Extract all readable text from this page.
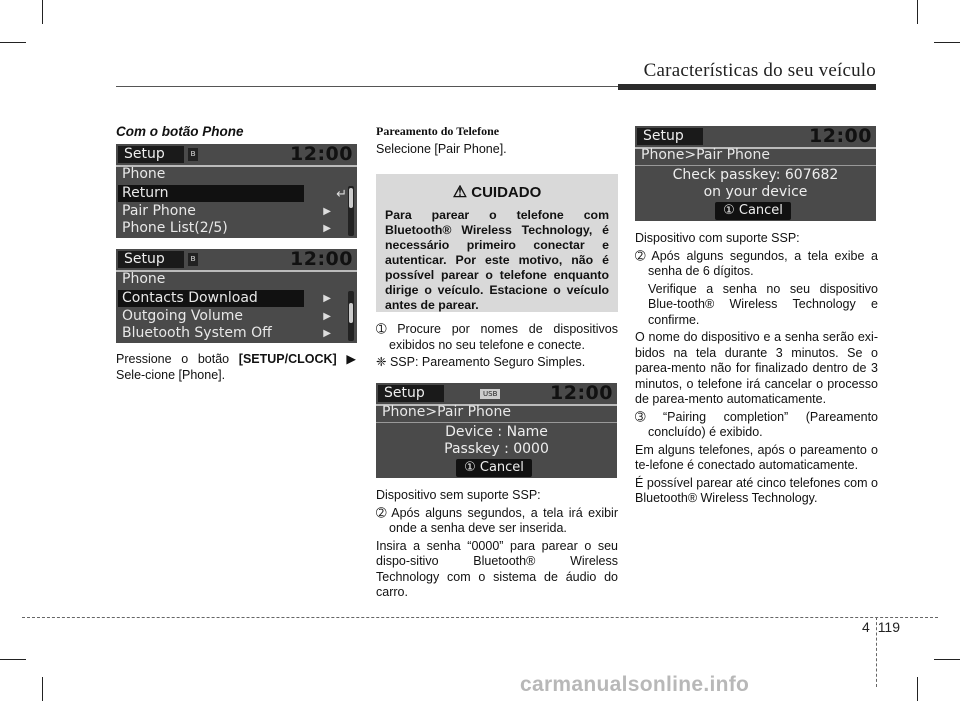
Características do seu veículo
Com o botão Phone
Setup	ʙ	12:00
Phone
Return	↵
Pair Phone	▶
Phone List(2/5)	▶
Setup	ʙ	12:00
Phone
Contacts Download	▶
Outgoing Volume	▶
Bluetooth System Off	▶

Pressione o botão [SETUP/CLOCK] ▶ Sele-cione [Phone].

Pareamento do Telefone

Selecione [Pair Phone].

⚠ CUIDADO

Para parear o telefone com Bluetooth® Wireless Technology, é necessário primeiro conectar e autenticar. Por este motivo, não é possível parear o telefone enquanto dirige o veículo. Estacione o veículo antes de parear.

➀ Procure por nomes de dispositivos exibidos no seu telefone e conecte.

❈ SSP: Pareamento Seguro Simples.

Setup	USB	12:00
Phone>Pair Phone
Device : Name
Passkey : 0000
① Cancel

Dispositivo sem suporte SSP:

➁ Após alguns segundos, a tela irá exibir onde a senha deve ser inserida.

Insira a senha “0000” para parear o seu dispo-sitivo Bluetooth® Wireless Technology com o sistema de áudio do carro.

Setup	12:00
Phone>Pair Phone
Check passkey: 607682
on your device
① Cancel

Dispositivo com suporte SSP:

➁ Após alguns segundos, a tela exibe a senha de 6 dígitos.

Verifique a senha no seu dispositivo Blue-tooth® Wireless Technology e confirme.

O nome do dispositivo e a senha serão exi-bidos na tela durante 3 minutos. Se o parea-mento não for finalizado dentro de 3 minutos, o telefone irá cancelar o processo de parea-mento automaticamente.

➂ “Pairing completion” (Pareamento concluído) é exibido.

Em alguns telefones, após o pareamento o te-lefone é conectado automaticamente.

É possível parear até cinco telefones com o Bluetooth® Wireless Technology.

4 119
carmanualsonline.info
